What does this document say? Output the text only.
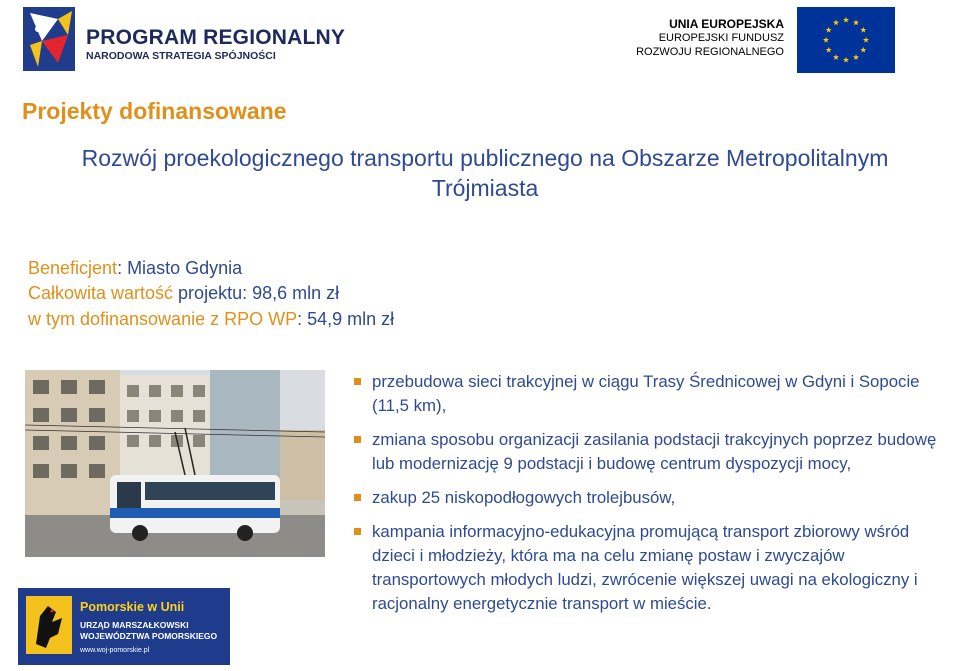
PROGRAM REGIONALNY
NARODOWA STRATEGIA SPÓJNOŚCI
UNIA EUROPEJSKA
EUROPEJSKI FUNDUSZ
ROZWOJU REGIONALNEGO
Projekty dofinansowane
Rozwój proekologicznego transportu publicznego na Obszarze Metropolitalnym Trójmiasta
Beneficjent: Miasto Gdynia
Całkowita wartość projektu: 98,6 mln zł
w tym dofinansowanie z RPO WP: 54,9 mln zł
przebudowa sieci trakcyjnej w ciągu Trasy Średnicowej w Gdyni i Sopocie (11,5 km),
zmiana sposobu organizacji zasilania podstacji trakcyjnych poprzez budowę lub modernizację 9 podstacji i budowę centrum dyspozycji mocy,
zakup 25 niskopodłogowych trolejbusów,
kampania informacyjno-edukacyjna promującą transport zbiorowy wśród dzieci i młodzieży, która ma na celu zmianę postaw i zwyczajów transportowych młodych ludzi, zwrócenie większej uwagi na ekologiczny i racjonalny energetycznie transport w mieście.
Pomorskie w Unii
URZĄD MARSZAŁKOWSKI
WOJEWÓDZTWA POMORSKIEGO
www.woj-pomorskie.pl
